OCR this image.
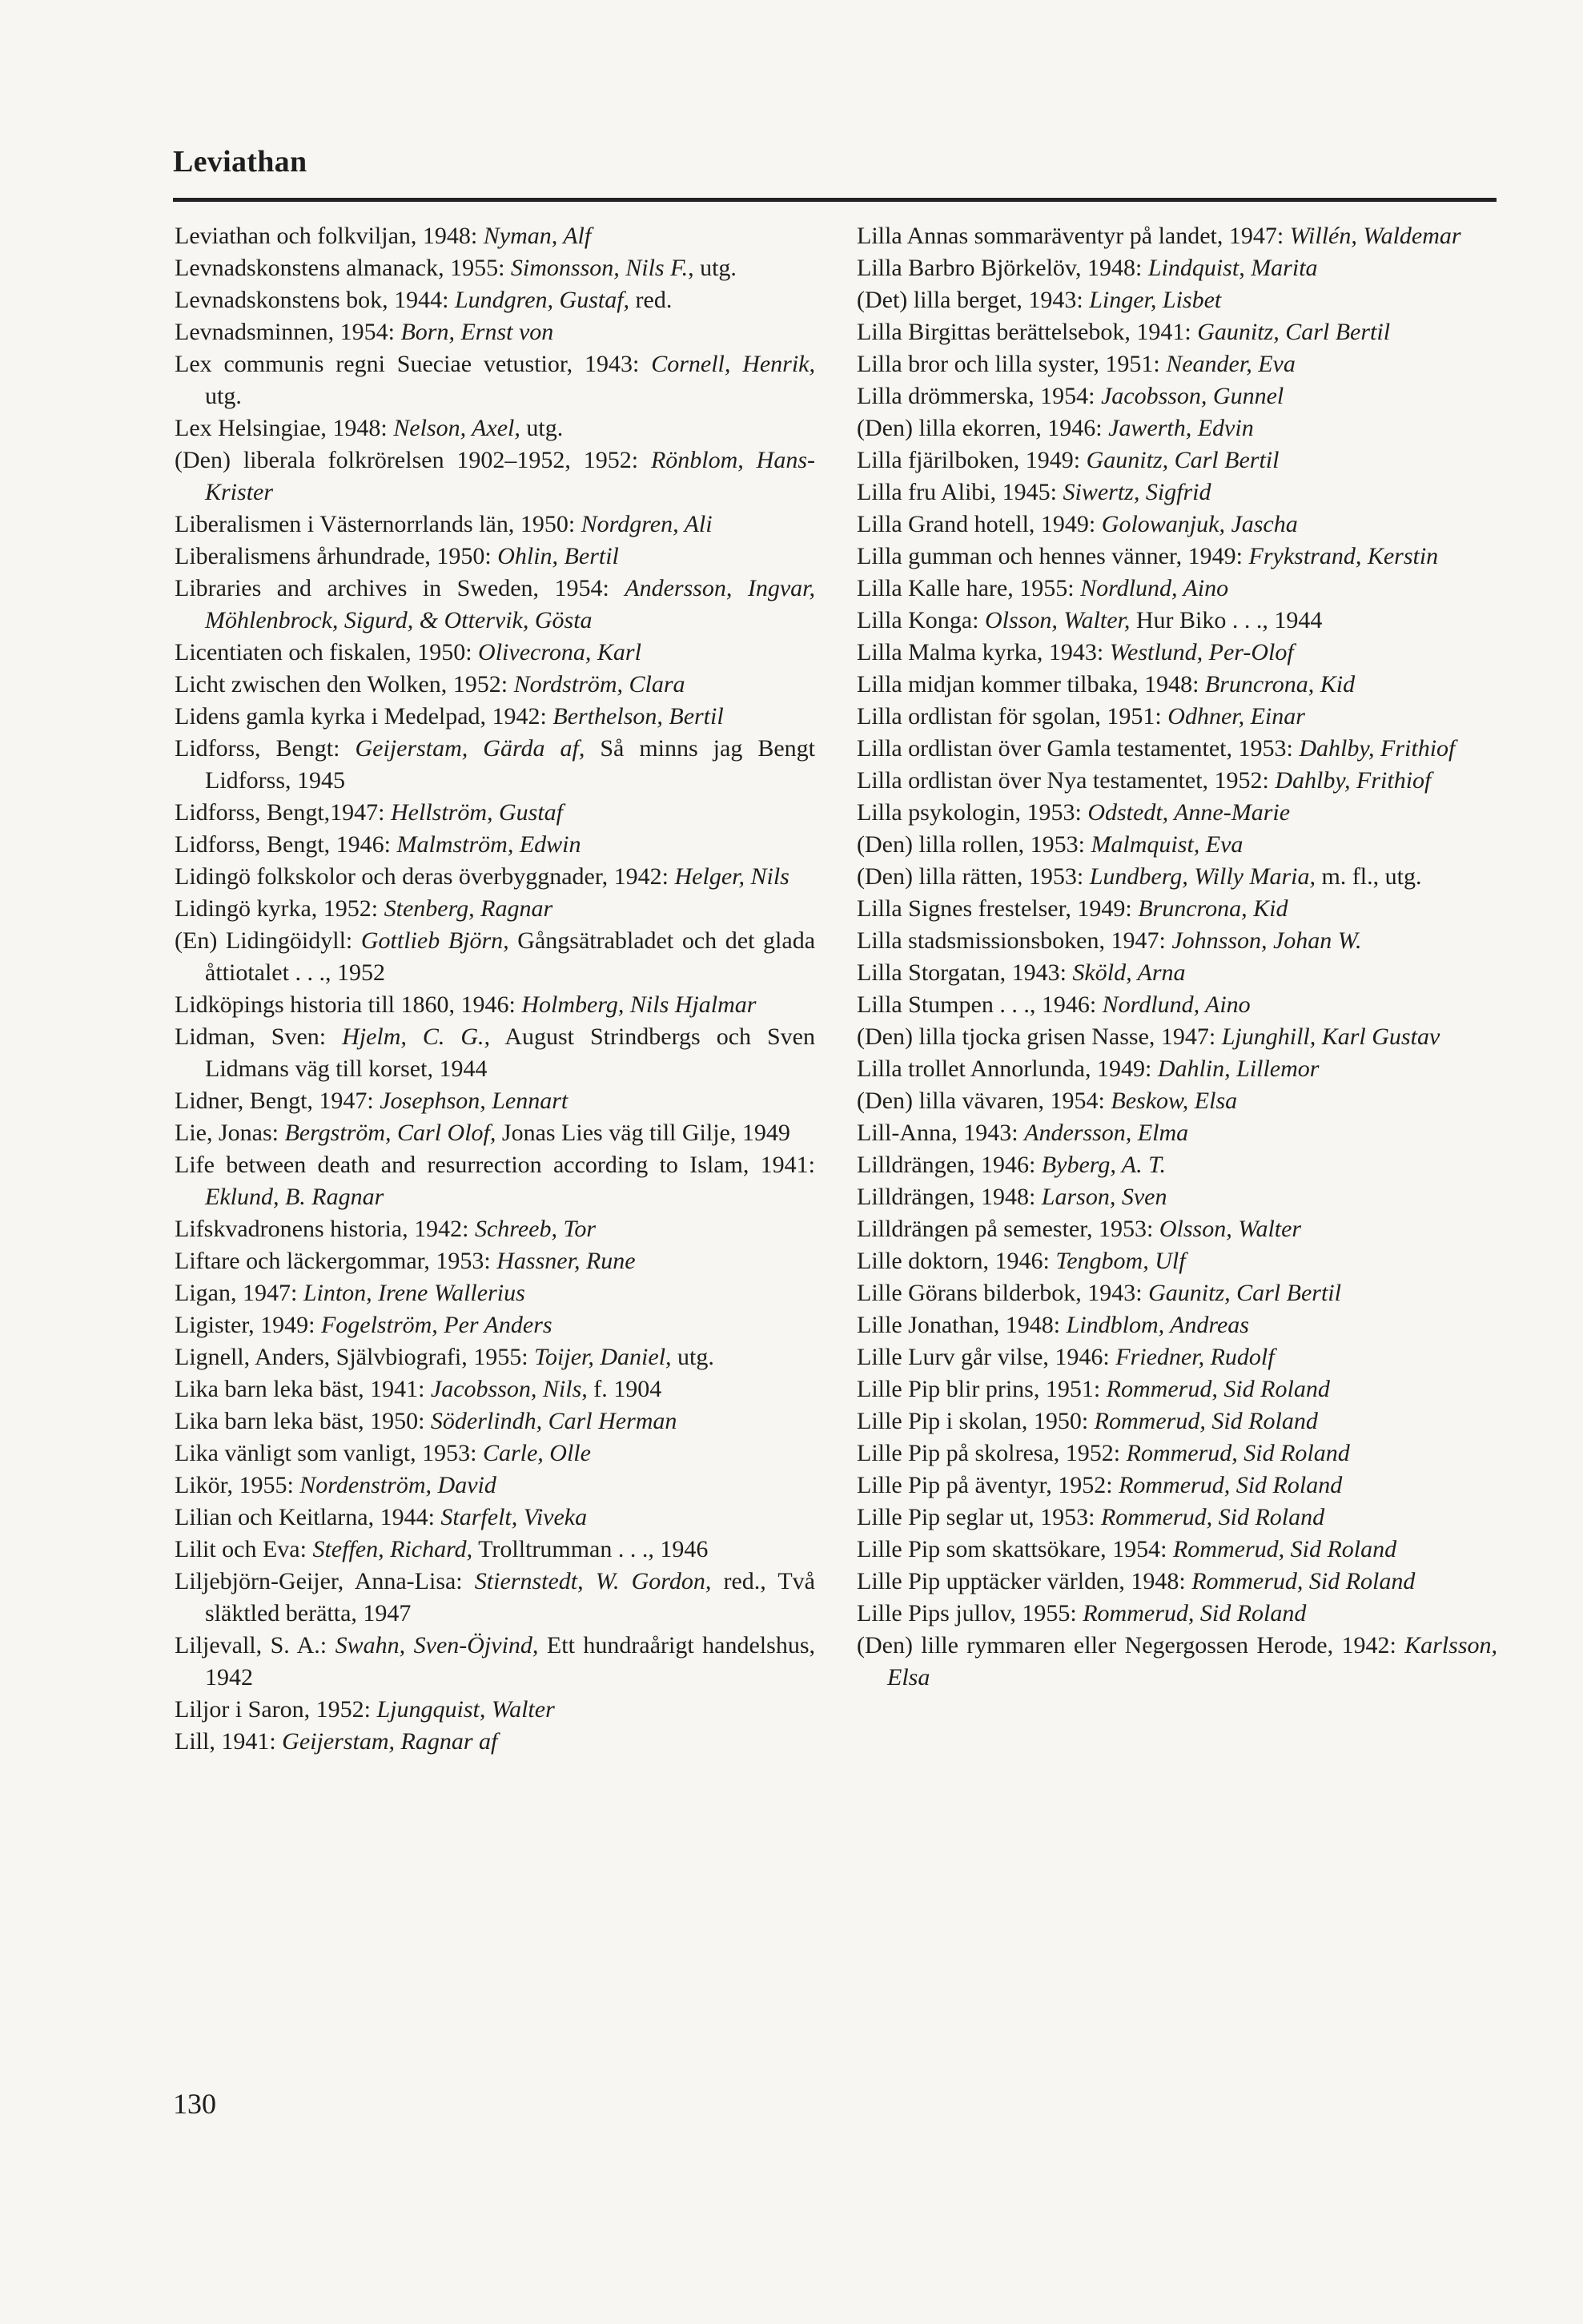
Leviathan
Leviathan och folkviljan, 1948: Nyman, Alf
Levnadskonstens almanack, 1955: Simonsson, Nils F., utg.
Levnadskonstens bok, 1944: Lundgren, Gustaf, red.
Levnadsminnen, 1954: Born, Ernst von
Lex communis regni Sueciae vetustior, 1943: Cornell, Henrik, utg.
Lex Helsingiae, 1948: Nelson, Axel, utg.
(Den) liberala folkrörelsen 1902–1952, 1952: Rönblom, Hans-Krister
Liberalismen i Västernorrlands län, 1950: Nordgren, Ali
Liberalismens århundrade, 1950: Ohlin, Bertil
Libraries and archives in Sweden, 1954: Andersson, Ingvar, Möhlenbrock, Sigurd, & Ottervik, Gösta
Licentiaten och fiskalen, 1950: Olivecrona, Karl
Licht zwischen den Wolken, 1952: Nordström, Clara
Lidens gamla kyrka i Medelpad, 1942: Berthelson, Bertil
Lidforss, Bengt: Geijerstam, Gärda af, Så minns jag Bengt Lidforss, 1945
Lidforss, Bengt,1947: Hellström, Gustaf
Lidforss, Bengt, 1946: Malmström, Edwin
Lidingö folkskolor och deras överbyggnader, 1942: Helger, Nils
Lidingö kyrka, 1952: Stenberg, Ragnar
(En) Lidingöidyll: Gottlieb Björn, Gångsätrabladet och det glada åttiotalet . . ., 1952
Lidköpings historia till 1860, 1946: Holmberg, Nils Hjalmar
Lidman, Sven: Hjelm, C. G., August Strindbergs och Sven Lidmans väg till korset, 1944
Lidner, Bengt, 1947: Josephson, Lennart
Lie, Jonas: Bergström, Carl Olof, Jonas Lies väg till Gilje, 1949
Life between death and resurrection according to Islam, 1941: Eklund, B. Ragnar
Lifskvadronens historia, 1942: Schreeb, Tor
Liftare och läckergommar, 1953: Hassner, Rune
Ligan, 1947: Linton, Irene Wallerius
Ligister, 1949: Fogelström, Per Anders
Lignell, Anders, Självbiografi, 1955: Toijer, Daniel, utg.
Lika barn leka bäst, 1941: Jacobsson, Nils, f. 1904
Lika barn leka bäst, 1950: Söderlindh, Carl Herman
Lika vänligt som vanligt, 1953: Carle, Olle
Likör, 1955: Nordenström, David
Lilian och Keitlarna, 1944: Starfelt, Viveka
Lilit och Eva: Steffen, Richard, Trolltrumman . . ., 1946
Liljebjörn-Geijer, Anna-Lisa: Stiernstedt, W. Gordon, red., Två släktled berätta, 1947
Liljevall, S. A.: Swahn, Sven-Öjvind, Ett hundraårigt handelshus, 1942
Liljor i Saron, 1952: Ljungquist, Walter
Lill, 1941: Geijerstam, Ragnar af
Lilla Annas sommaräventyr på landet, 1947: Willén, Waldemar
Lilla Barbro Björkelöv, 1948: Lindquist, Marita
(Det) lilla berget, 1943: Linger, Lisbet
Lilla Birgittas berättelsebok, 1941: Gaunitz, Carl Bertil
Lilla bror och lilla syster, 1951: Neander, Eva
Lilla drömmerska, 1954: Jacobsson, Gunnel
(Den) lilla ekorren, 1946: Jawerth, Edvin
Lilla fjärilboken, 1949: Gaunitz, Carl Bertil
Lilla fru Alibi, 1945: Siwertz, Sigfrid
Lilla Grand hotell, 1949: Golowanjuk, Jascha
Lilla gumman och hennes vänner, 1949: Frykstrand, Kerstin
Lilla Kalle hare, 1955: Nordlund, Aino
Lilla Konga: Olsson, Walter, Hur Biko . . ., 1944
Lilla Malma kyrka, 1943: Westlund, Per-Olof
Lilla midjan kommer tilbaka, 1948: Bruncrona, Kid
Lilla ordlistan för sgolan, 1951: Odhner, Einar
Lilla ordlistan över Gamla testamentet, 1953: Dahlby, Frithiof
Lilla ordlistan över Nya testamentet, 1952: Dahlby, Frithiof
Lilla psykologin, 1953: Odstedt, Anne-Marie
(Den) lilla rollen, 1953: Malmquist, Eva
(Den) lilla rätten, 1953: Lundberg, Willy Maria, m. fl., utg.
Lilla Signes frestelser, 1949: Bruncrona, Kid
Lilla stadsmissionsboken, 1947: Johnsson, Johan W.
Lilla Storgatan, 1943: Sköld, Arna
Lilla Stumpen . . ., 1946: Nordlund, Aino
(Den) lilla tjocka grisen Nasse, 1947: Ljunghill, Karl Gustav
Lilla trollet Annorlunda, 1949: Dahlin, Lillemor
(Den) lilla vävaren, 1954: Beskow, Elsa
Lill-Anna, 1943: Andersson, Elma
Lilldrängen, 1946: Byberg, A. T.
Lilldrängen, 1948: Larson, Sven
Lilldrängen på semester, 1953: Olsson, Walter
Lille doktorn, 1946: Tengbom, Ulf
Lille Görans bilderbok, 1943: Gaunitz, Carl Bertil
Lille Jonathan, 1948: Lindblom, Andreas
Lille Lurv går vilse, 1946: Friedner, Rudolf
Lille Pip blir prins, 1951: Rommerud, Sid Roland
Lille Pip i skolan, 1950: Rommerud, Sid Roland
Lille Pip på skolresa, 1952: Rommerud, Sid Roland
Lille Pip på äventyr, 1952: Rommerud, Sid Roland
Lille Pip seglar ut, 1953: Rommerud, Sid Roland
Lille Pip som skattsökare, 1954: Rommerud, Sid Roland
Lille Pip upptäcker världen, 1948: Rommerud, Sid Roland
Lille Pips jullov, 1955: Rommerud, Sid Roland
(Den) lille rymmaren eller Negergossen Herode, 1942: Karlsson, Elsa
130
